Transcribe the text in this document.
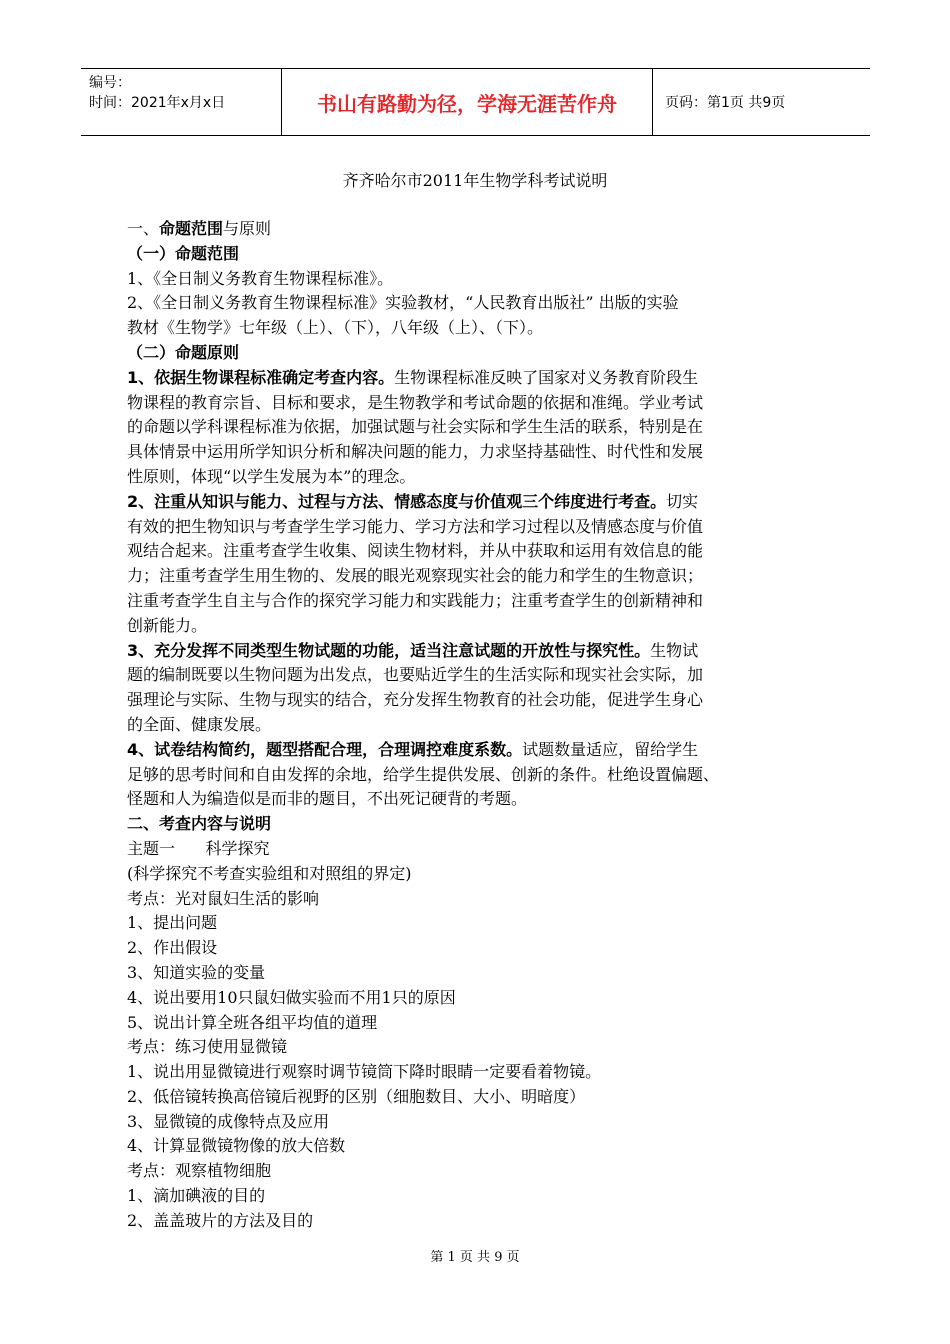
编号：
时间：2021年x月x日	书山有路勤为径，学海无涯苦作舟	页码：第1页 共9页
齐齐哈尔市2011年生物学科考试说明

一、命题范围与原则

（一）命题范围

1、《全日制义务教育生物课程标准》。

2、《全日制义务教育生物课程标准》实验教材，“人民教育出版社” 出版的实验

教材《生物学》七年级（上）、（下），八年级（上）、（下）。

（二）命题原则

1、依据生物课程标准确定考查内容。生物课程标准反映了国家对义务教育阶段生

物课程的教育宗旨、目标和要求，是生物教学和考试命题的依据和准绳。学业考试

的命题以学科课程标准为依据，加强试题与社会实际和学生生活的联系，特别是在

具体情景中运用所学知识分析和解决问题的能力，力求坚持基础性、时代性和发展

性原则，体现“以学生发展为本”的理念。

2、注重从知识与能力、过程与方法、情感态度与价值观三个纬度进行考查。切实

有效的把生物知识与考查学生学习能力、学习方法和学习过程以及情感态度与价值

观结合起来。注重考查学生收集、阅读生物材料，并从中获取和运用有效信息的能

力；注重考查学生用生物的、发展的眼光观察现实社会的能力和学生的生物意识；

注重考查学生自主与合作的探究学习能力和实践能力；注重考查学生的创新精神和

创新能力。

3、充分发挥不同类型生物试题的功能，适当注意试题的开放性与探究性。生物试

题的编制既要以生物问题为出发点，也要贴近学生的生活实际和现实社会实际，加

强理论与实际、生物与现实的结合，充分发挥生物教育的社会功能，促进学生身心

的全面、健康发展。

4、试卷结构简约，题型搭配合理，合理调控难度系数。试题数量适应，留给学生

足够的思考时间和自由发挥的余地，给学生提供发展、创新的条件。杜绝设置偏题、

怪题和人为编造似是而非的题目，不出死记硬背的考题。

二、考查内容与说明

主题一      科学探究

(科学探究不考查实验组和对照组的界定)

考点：光对鼠妇生活的影响

1、提出问题

2、作出假设

3、知道实验的变量

4、说出要用10只鼠妇做实验而不用1只的原因

5、说出计算全班各组平均值的道理

考点：练习使用显微镜

1、说出用显微镜进行观察时调节镜筒下降时眼睛一定要看着物镜。

2、低倍镜转换高倍镜后视野的区别（细胞数目、大小、明暗度）

3、显微镜的成像特点及应用

4、计算显微镜物像的放大倍数

考点：观察植物细胞

1、滴加碘液的目的

2、盖盖玻片的方法及目的

第 1 页 共 9 页
